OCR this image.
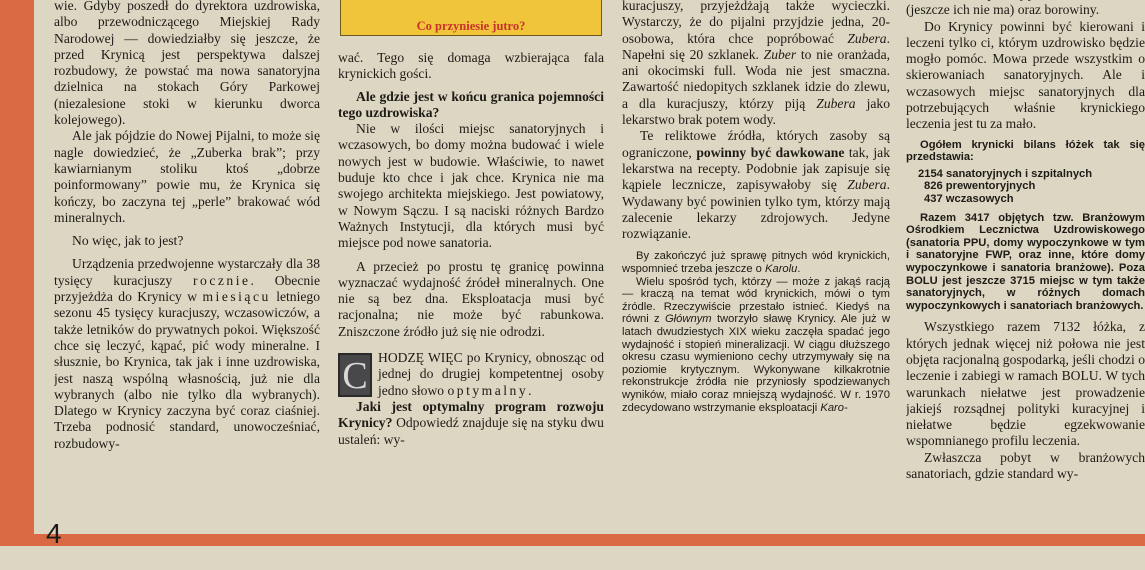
Co przyniesie jutro?

wie. Gdyby poszedł do dyrektora uzdrowiska, albo przewodniczącego Miejskiej Rady Narodowej — dowiedziałby się jeszcze, że przed Krynicą jest perspektywa dalszej rozbudowy, że powstać ma nowa sanatoryjna dzielnica na stokach Góry Parkowej (niezalesione stoki w kierunku dworca kolejowego).

Ale jak pójdzie do Nowej Pijalni, to może się nagle dowiedzieć, że „Zuberka brak”; przy kawiarnianym stoliku ktoś „dobrze poinformowany” powie mu, że Krynica się kończy, bo zaczyna tej „perle” brakować wód mineralnych.

No więc, jak to jest?

Urządzenia przedwojenne wystarczały dla 38 tysięcy kuracjuszy rocznie. Obecnie przyjeżdża do Krynicy w miesiącu letniego sezonu 45 tysięcy kuracjuszy, wczasowiczów, a także letników do prywatnych pokoi. Większość chce się leczyć, kąpać, pić wody mineralne. I słusznie, bo Krynica, tak jak i inne uzdrowiska, jest naszą wspólną własnością, już nie dla wybranych (albo nie tylko dla wybranych). Dlatego w Krynicy zaczyna być coraz ciaśniej. Trzeba podnosić standard, unowocześniać, rozbudowy-

wać. Tego się domaga wzbierająca fala krynickich gości.

Ale gdzie jest w końcu granica pojemności tego uzdrowiska?

Nie w ilości miejsc sanatoryjnych i wczasowych, bo domy można budować i wiele nowych jest w budowie. Właściwie, to nawet buduje kto chce i jak chce. Krynica nie ma swojego architekta miejskiego. Jest powiatowy, w Nowym Sączu. I są naciski różnych Bardzo Ważnych Instytucji, dla których musi być miejsce pod nowe sanatoria.

A przecież po prostu tę granicę powinna wyznaczać wydajność źródeł mineralnych. One nie są bez dna. Eksploatacja musi być racjonalna; nie może być rabunkowa. Zniszczone źródło już się nie odrodzi.

C HODZĘ WIĘC po Krynicy, obnosząc od jednej do drugiej kompetentnej osoby jedno słowo optymalny.

Jaki jest optymalny program rozwoju Krynicy? Odpowiedź znajduje się na styku dwu ustaleń: wy-

kuracjuszy, przyjeżdżają także wycieczki. Wystarczy, że do pijalni przyjdzie jedna, 20-osobowa, która chce popróbować Zubera. Napełni się 20 szklanek. Zuber to nie oranżada, ani okocimski full. Woda nie jest smaczna. Zawartość niedopitych szklanek idzie do zlewu, a dla kuracjuszy, którzy piją Zubera jako lekarstwo brak potem wody.

Te reliktowe źródła, których zasoby są ograniczone, powinny być dawkowane tak, jak lekarstwa na recepty. Podobnie jak zapisuje się kąpiele lecznicze, zapisywałoby się Zubera. Wydawany być powinien tylko tym, którzy mają zalecenie lekarzy zdrojowych. Jedyne rozwiązanie.

By zakończyć już sprawę pitnych wód krynickich, wspomnieć trzeba jeszcze o Karolu.

Wielu spośród tych, którzy — może z jakąś racją — kraczą na temat wód krynickich, mówi o tym źródle. Rzeczywiście przestało istnieć. Kiedyś na równi z Głównym tworzyło sławę Krynicy. Ale już w latach dwudziestych XIX wieku zaczęła spadać jego wydajność i stopień mineralizacji. W ciągu dłuższego okresu czasu wymieniono cechy utrzymywały się na poziomie krytycznym. Wykonywane kilkakrotnie rekonstrukcje źródła nie przyniosły spodziewanych wyników, miało coraz mniejszą wydajność. W r. 1970 zdecydowano wstrzymanie eksploatacji Karo-

(jeszcze ich nie ma) oraz borowiny.

Do Krynicy powinni być kierowani i leczeni tylko ci, którym uzdrowisko będzie mogło pomóc. Mowa przede wszystkim o skierowaniach sanatoryjnych. Ale i wczasowych miejsc sanatoryjnych dla potrzebujących właśnie krynickiego leczenia jest tu za mało.

Ogółem krynicki bilans łóżek tak się przedstawia:

2154 sanatoryjnych i szpitalnych

826 prewentoryjnych

437 wczasowych

Razem 3417 objętych tzw. Branżowym Ośrodkiem Lecznictwa Uzdrowiskowego (sanatoria PPU, domy wypoczynkowe w tym i sanatoryjne FWP, oraz inne, które domy wypoczynkowe i sanatoria branżowe). Poza BOLU jest jeszcze 3715 miejsc w tym także sanatoryjnych, w różnych domach wypoczynkowych i sanatoriach branżowych.

Wszystkiego razem 7132 łóżka, z których jednak więcej niż połowa nie jest objęta racjonalną gospodarką, jeśli chodzi o leczenie i zabiegi w ramach BOLU. W tych warunkach niełatwe jest prowadzenie jakiejś rozsądnej polityki kuracyjnej i niełatwe będzie egzekwowanie wspomnianego profilu leczenia.

Zwłaszcza pobyt w branżowych sanatoriach, gdzie standard wy-

4
